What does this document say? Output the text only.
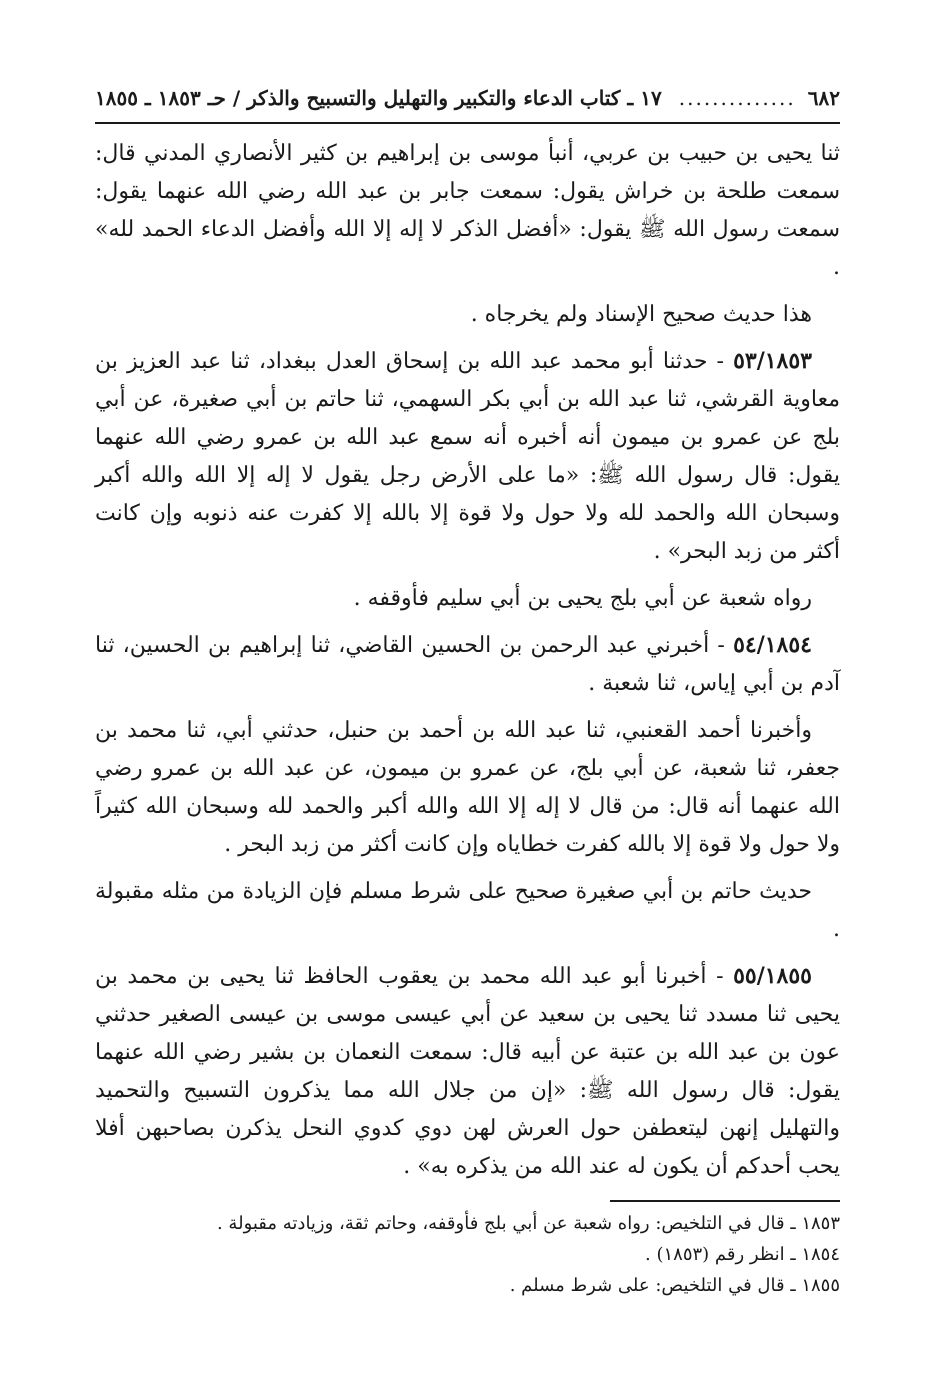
٦٨٢
..............
١٧ ـ كتاب الدعاء والتكبير والتهليل والتسبيح والذكر / حـ ١٨٥٣ ـ ١٨٥٥

ثنا يحيى بن حبيب بن عربي، أنبأ موسى بن إبراهيم بن كثير الأنصاري المدني قال: سمعت طلحة بن خراش يقول: سمعت جابر بن عبد الله رضي الله عنهما يقول: سمعت رسول الله ﷺ يقول: «أفضل الذكر لا إله إلا الله وأفضل الدعاء الحمد لله» .

هذا حديث صحيح الإسناد ولم يخرجاه .

٥٣/١٨٥٣ - حدثنا أبو محمد عبد الله بن إسحاق العدل ببغداد، ثنا عبد العزيز بن معاوية القرشي، ثنا عبد الله بن أبي بكر السهمي، ثنا حاتم بن أبي صغيرة، عن أبي بلج عن عمرو بن ميمون أنه أخبره أنه سمع عبد الله بن عمرو رضي الله عنهما يقول: قال رسول الله ﷺ: «ما على الأرض رجل يقول لا إله إلا الله والله أكبر وسبحان الله والحمد لله ولا حول ولا قوة إلا بالله إلا كفرت عنه ذنوبه وإن كانت أكثر من زبد البحر» .

رواه شعبة عن أبي بلج يحيى بن أبي سليم فأوقفه .

٥٤/١٨٥٤ - أخبرني عبد الرحمن بن الحسين القاضي، ثنا إبراهيم بن الحسين، ثنا آدم بن أبي إياس، ثنا شعبة .

وأخبرنا أحمد القعنبي، ثنا عبد الله بن أحمد بن حنبل، حدثني أبي، ثنا محمد بن جعفر، ثنا شعبة، عن أبي بلج، عن عمرو بن ميمون، عن عبد الله بن عمرو رضي الله عنهما أنه قال: من قال لا إله إلا الله والله أكبر والحمد لله وسبحان الله كثيراً ولا حول ولا قوة إلا بالله كفرت خطاياه وإن كانت أكثر من زبد البحر .

حديث حاتم بن أبي صغيرة صحيح على شرط مسلم فإن الزيادة من مثله مقبولة .

٥٥/١٨٥٥ - أخبرنا أبو عبد الله محمد بن يعقوب الحافظ ثنا يحيى بن محمد بن يحيى ثنا مسدد ثنا يحيى بن سعيد عن أبي عيسى موسى بن عيسى الصغير حدثني عون بن عبد الله بن عتبة عن أبيه قال: سمعت النعمان بن بشير رضي الله عنهما يقول: قال رسول الله ﷺ: «إن من جلال الله مما يذكرون التسبيح والتحميد والتهليل إنهن ليتعطفن حول العرش لهن دوي كدوي النحل يذكرن بصاحبهن أفلا يحب أحدكم أن يكون له عند الله من يذكره به» .

١٨٥٣ ـ قال في التلخيص: رواه شعبة عن أبي بلج فأوقفه، وحاتم ثقة، وزيادته مقبولة .

١٨٥٤ ـ انظر رقم (١٨٥٣) .

١٨٥٥ ـ قال في التلخيص: على شرط مسلم .
